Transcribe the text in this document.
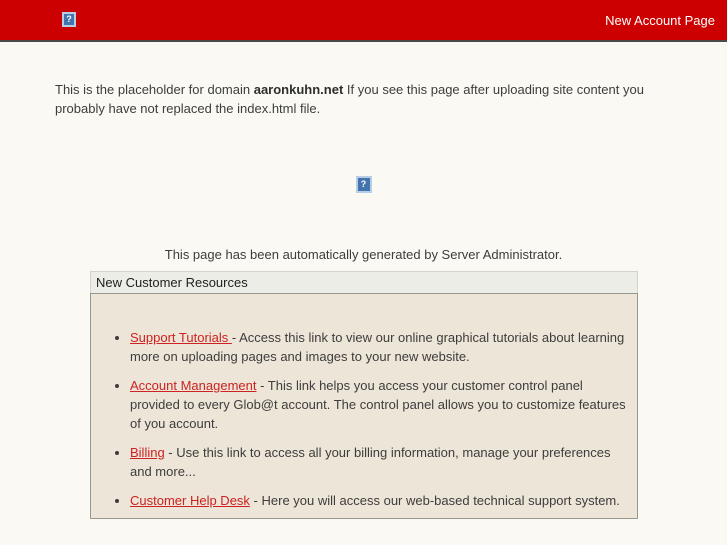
?	New Account Page

This is the placeholder for domain aaronkuhn.net If you see this page after uploading site content you probably have not replaced the index.html file.

?

This page has been automatically generated by Server Administrator.

New Customer Resources
• Support Tutorials - Access this link to view our online graphical tutorials about learning more on uploading pages and images to your new website.
• Account Management - This link helps you access your customer control panel provided to every Glob@t account. The control panel allows you to customize features of you account.
• Billing - Use this link to access all your billing information, manage your preferences and more...
• Customer Help Desk - Here you will access our web-based technical support system.
